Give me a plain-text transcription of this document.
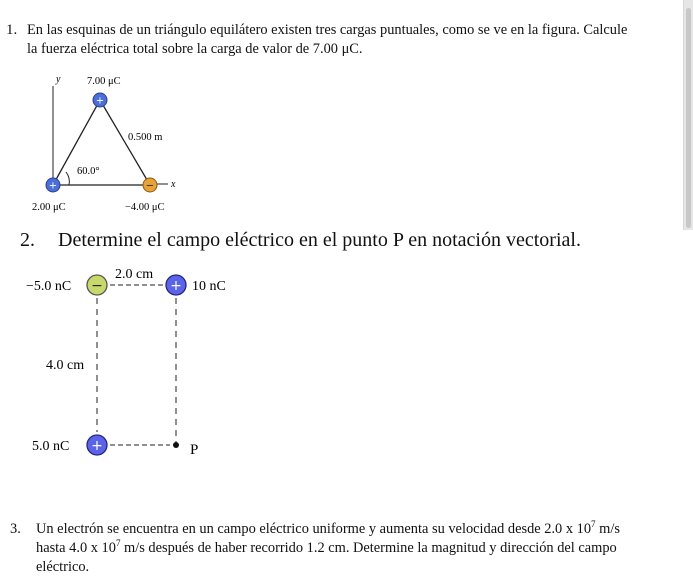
1. En las esquinas de un triángulo equilátero existen tres cargas puntuales, como se ve en la figura. Calcule
la fuerza eléctrica total sobre la carga de valor de 7.00 μC.
+
+	−
y
x
7.00 μC
0.500 m
60.0°
2.00 μC	−4.00 μC
2. Determine el campo eléctrico en el punto P en notación vectorial.
−	+
+
−5.0 nC
2.0 cm
10 nC
4.0 cm
5.0 nC	P
3. Un electrón se encuentra en un campo eléctrico uniforme y aumenta su velocidad desde 2.0 x $10^7$ m/s
hasta 4.0 x $10^7$ m/s después de haber recorrido 1.2 cm. Determine la magnitud y dirección del campo
eléctrico.
